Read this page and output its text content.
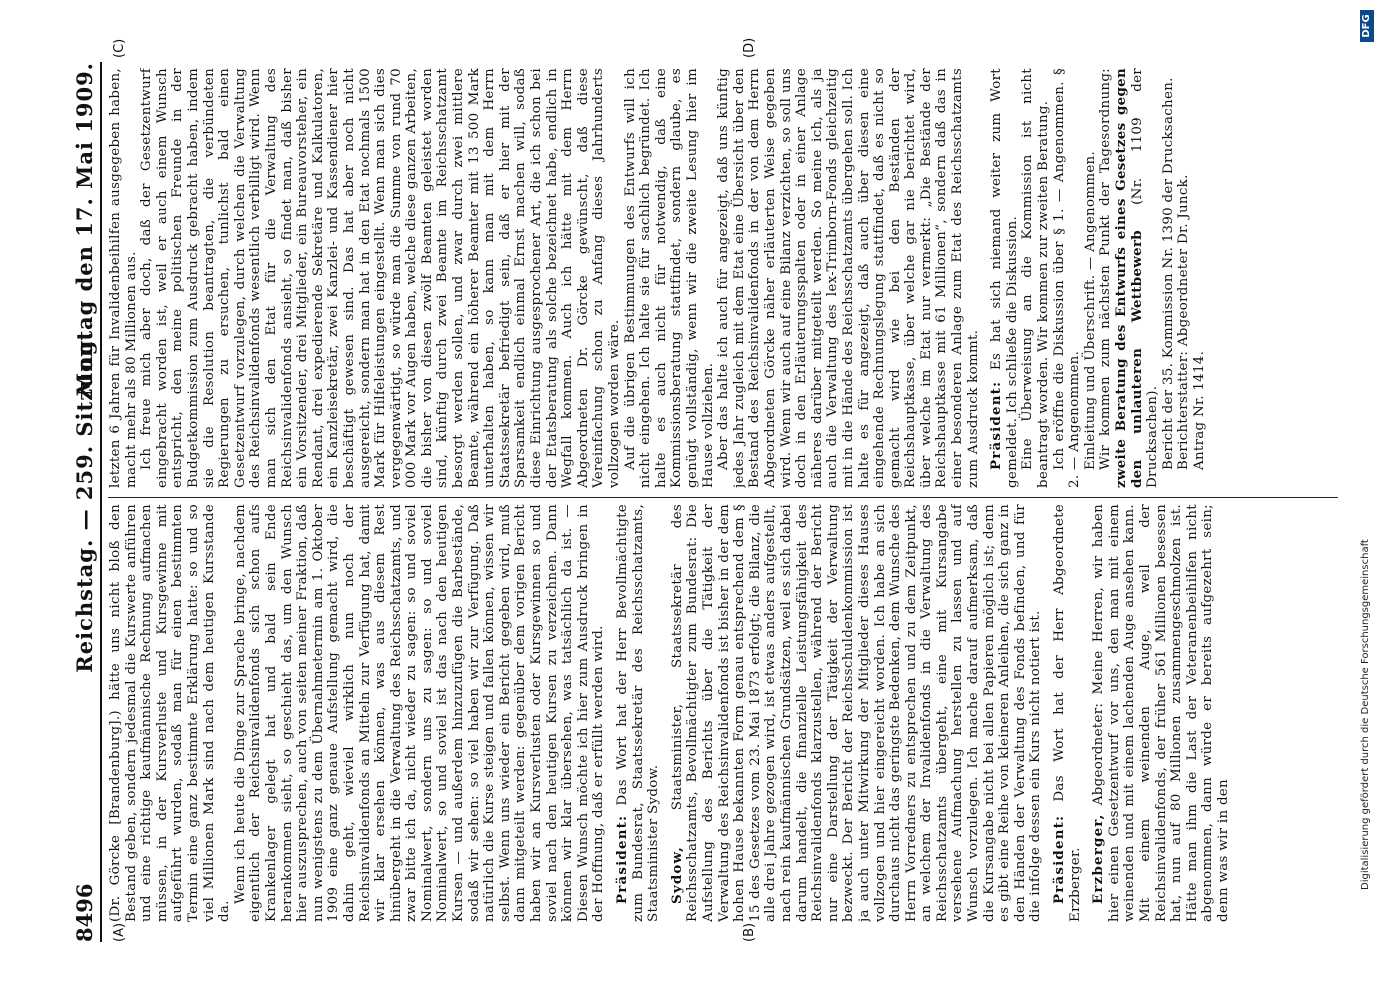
8496
Reichstag. — 259. Sitzung.
Montag den 17. Mai 1909.
(A)	(B)
(C)	(D)

(Dr. Görcke [Brandenburg].) hätte uns nicht bloß den Bestand geben, sondern jedesmal die Kurswerte anführen und eine richtige kaufmännische Rechnung aufmachen müssen, in der Kursverluste und Kursgewinne mit aufgeführt wurden, sodaß man für einen bestimmten Termin eine ganz bestimmte Erklärung hatte: so und so viel Millionen Mark sind nach dem heutigen Kursstande da.

Wenn ich heute die Dinge zur Sprache bringe, nachdem eigentlich der Reichsinvalidenfonds sich schon aufs Krankenlager gelegt hat und bald sein Ende herankommen sieht, so geschieht das, um den Wunsch hier auszusprechen, auch von seiten meiner Fraktion, daß nun wenigstens zu dem Übernahmetermin am 1. Oktober 1909 eine ganz genaue Aufstellung gemacht wird, die dahin geht, wieviel wirklich nun noch der Reichsinvalidenfonds an Mitteln zur Verfügung hat, damit wir klar ersehen können, was aus diesem Rest hinübergeht in die Verwaltung des Reichsschatzamts, und zwar bitte ich da, nicht wieder zu sagen: so und soviel Nominalwert, sondern uns zu sagen: so und soviel Nominalwert, so und soviel ist das nach den heutigen Kursen — und außerdem hinzuzufügen die Barbestände, sodaß wir sehen: so viel haben wir zur Verfügung. Daß natürlich die Kurse steigen und fallen können, wissen wir selbst. Wenn uns wieder ein Bericht gegeben wird, muß dann mitgeteilt werden: gegenüber dem vorigen Bericht haben wir an Kursverlusten oder Kursgewinnen so und soviel nach den heutigen Kursen zu verzeichnen. Dann können wir klar übersehen, was tatsächlich da ist. — Diesen Wunsch möchte ich hier zum Ausdruck bringen in der Hoffnung, daß er erfüllt werden wird. Präsident: Das Wort hat der Herr Bevollmächtigte zum Bundesrat, Staatssekretär des Reichsschatzamts, Staatsminister Sydow. Sydow, Staatsminister, Staatssekretär des Reichsschatzamts, Bevollmächtigter zum Bundesrat: Die Aufstellung des Berichts über die Tätigkeit der Verwaltung des Reichsinvalidenfonds ist bisher in der dem hohen Hause bekannten Form genau entsprechend dem § 15 des Gesetzes vom 23. Mai 1873 erfolgt; die Bilanz, die alle drei Jahre gezogen wird, ist etwas anders aufgestellt, nach rein kaufmännischen Grundsätzen, weil es sich dabei darum handelt, die finanzielle Leistungsfähigkeit des Reichsinvalidenfonds klarzustellen, während der Bericht nur eine Darstellung der Tätigkeit der Verwaltung bezweckt. Der Bericht der Reichsschuldenkommission ist ja auch unter Mitwirkung der Mitglieder dieses Hauses vollzogen und hier eingereicht worden. Ich habe an sich durchaus nicht das geringste Bedenken, dem Wunsche des Herrn Vorredners zu entsprechen und zu dem Zeitpunkt, an welchem der Invalidenfonds in die Verwaltung des Reichsschatzamts übergeht, eine mit Kursangabe versehene Aufmachung herstellen zu lassen und auf Wunsch vorzulegen. Ich mache darauf aufmerksam, daß die Kursangabe nicht bei allen Papieren möglich ist; denn es gibt eine Reihe von kleineren Anleihen, die sich ganz in den Händen der Verwaltung des Fonds befinden, und für die infolge dessen ein Kurs nicht notiert ist. Präsident: Das Wort hat der Herr Abgeordnete Erzberger. Erzberger, Abgeordneter: Meine Herren, wir haben hier einen Gesetzentwurf vor uns, den man mit einem weinenden und mit einem lachenden Auge ansehen kann. Mit einem weinenden Auge, weil der Reichsinvalidenfonds, der früher 561 Millionen besessen hat, nun auf 80 Millionen zusammengeschmolzen ist. Hätte man ihm die Last der Veteranenbeihilfen nicht abgenommen, dann würde er bereits aufgezehrt sein; denn was wir in den

letzten 6 Jahren für Invalidenbeihilfen ausgegeben haben, macht mehr als 80 Millionen aus. Ich freue mich aber doch, daß der Gesetzentwurf eingebracht worden ist, weil er auch einem Wunsch entspricht, den meine politischen Freunde in der Budgetkommission zum Ausdruck gebracht haben, indem sie die Resolution beantragten, die verbündeten Regierungen zu ersuchen, tunlichst bald einen Gesetzentwurf vorzulegen, durch welchen die Verwaltung des Reichsinvalidenfonds wesentlich verbilligt wird. Wenn man sich den Etat für die Verwaltung des Reichsinvalidenfonds ansieht, so findet man, daß bisher ein Vorsitzender, drei Mitglieder, ein Bureauvorsteher, ein Rendant, drei expedierende Sekretäre und Kalkulatoren, ein Kanzleisekretär, zwei Kanzlei- und Kassendiener hier beschäftigt gewesen sind. Das hat aber noch nicht ausgereicht, sondern man hat in den Etat nochmals 1500 Mark für Hilfeleistungen eingestellt. Wenn man sich dies vergegenwärtigt, so würde man die Summe von rund 70 000 Mark vor Augen haben, welche diese ganzen Arbeiten, die bisher von diesen zwölf Beamten geleistet worden sind, künftig durch zwei Beamte im Reichsschatzamt besorgt werden sollen, und zwar durch zwei mittlere Beamte, während ein höherer Beamter mit 13 500 Mark unterhalten haben, so kann man mit dem Herrn Staatssekretär befriedigt sein, daß er hier mit der Sparsamkeit endlich einmal Ernst machen will, sodaß diese Einrichtung ausgesprochener Art, die ich schon bei der Etatsberatung als solche bezeichnet habe, endlich in Wegfall kommen. Auch ich hätte mit dem Herrn Abgeordneten Dr. Görcke gewünscht, daß diese Vereinfachung schon zu Anfang dieses Jahrhunderts vollzogen worden wäre. Auf die übrigen Bestimmungen des Entwurfs will ich nicht eingehen. Ich halte sie für sachlich begründet. Ich halte es auch nicht für notwendig, daß eine Kommissionsberatung stattfindet, sondern glaube, es genügt vollständig, wenn wir die zweite Lesung hier im Hause vollziehen. Aber das halte ich auch für angezeigt, daß uns künftig jedes Jahr zugleich mit dem Etat eine Übersicht über den Bestand des Reichsinvalidenfonds in der von dem Herrn Abgeordneten Görcke näher erläuterten Weise gegeben wird. Wenn wir auch auf eine Bilanz verzichten, so soll uns doch in den Erläuterungsspalten oder in einer Anlage näheres darüber mitgeteilt werden. So meine ich, als ja auch die Verwaltung des lex-Trimborn-Fonds gleichzeitig mit in die Hände des Reichsschatzamts übergehen soll. Ich halte es für angezeigt, daß auch über diesen eine eingehende Rechnungslegung stattfindet, daß es nicht so gemacht wird wie bei den Beständen der Reichshauptkasse, über welche gar nie berichtet wird, über welche im Etat nur vermerkt: „Die Bestände der Reichshauptkasse mit 61 Millionen“, sondern daß das in einer besonderen Anlage zum Etat des Reichsschatzamts zum Ausdruck kommt. Präsident: Es hat sich niemand weiter zum Wort gemeldet. Ich schließe die Diskussion. Eine Überweisung an die Kommission ist nicht beantragt worden. Wir kommen zur zweiten Beratung. Ich eröffne die Diskussion über § 1. — Angenommen. § 2. — Angenommen. Einleitung und Überschrift. — Angenommen. Wir kommen zum nächsten Punkt der Tagesordnung: zweite Beratung des Entwurfs eines Gesetzes gegen den unlauteren Wettbewerb (Nr. 1109 der Drucksachen). Bericht der 35. Kommission Nr. 1390 der Drucksachen. Berichterstatter: Abgeordneter Dr. Junck. Antrag Nr. 1414.

Digitalisierung gefördert durch die Deutsche Forschungsgemeinschaft
DFG
